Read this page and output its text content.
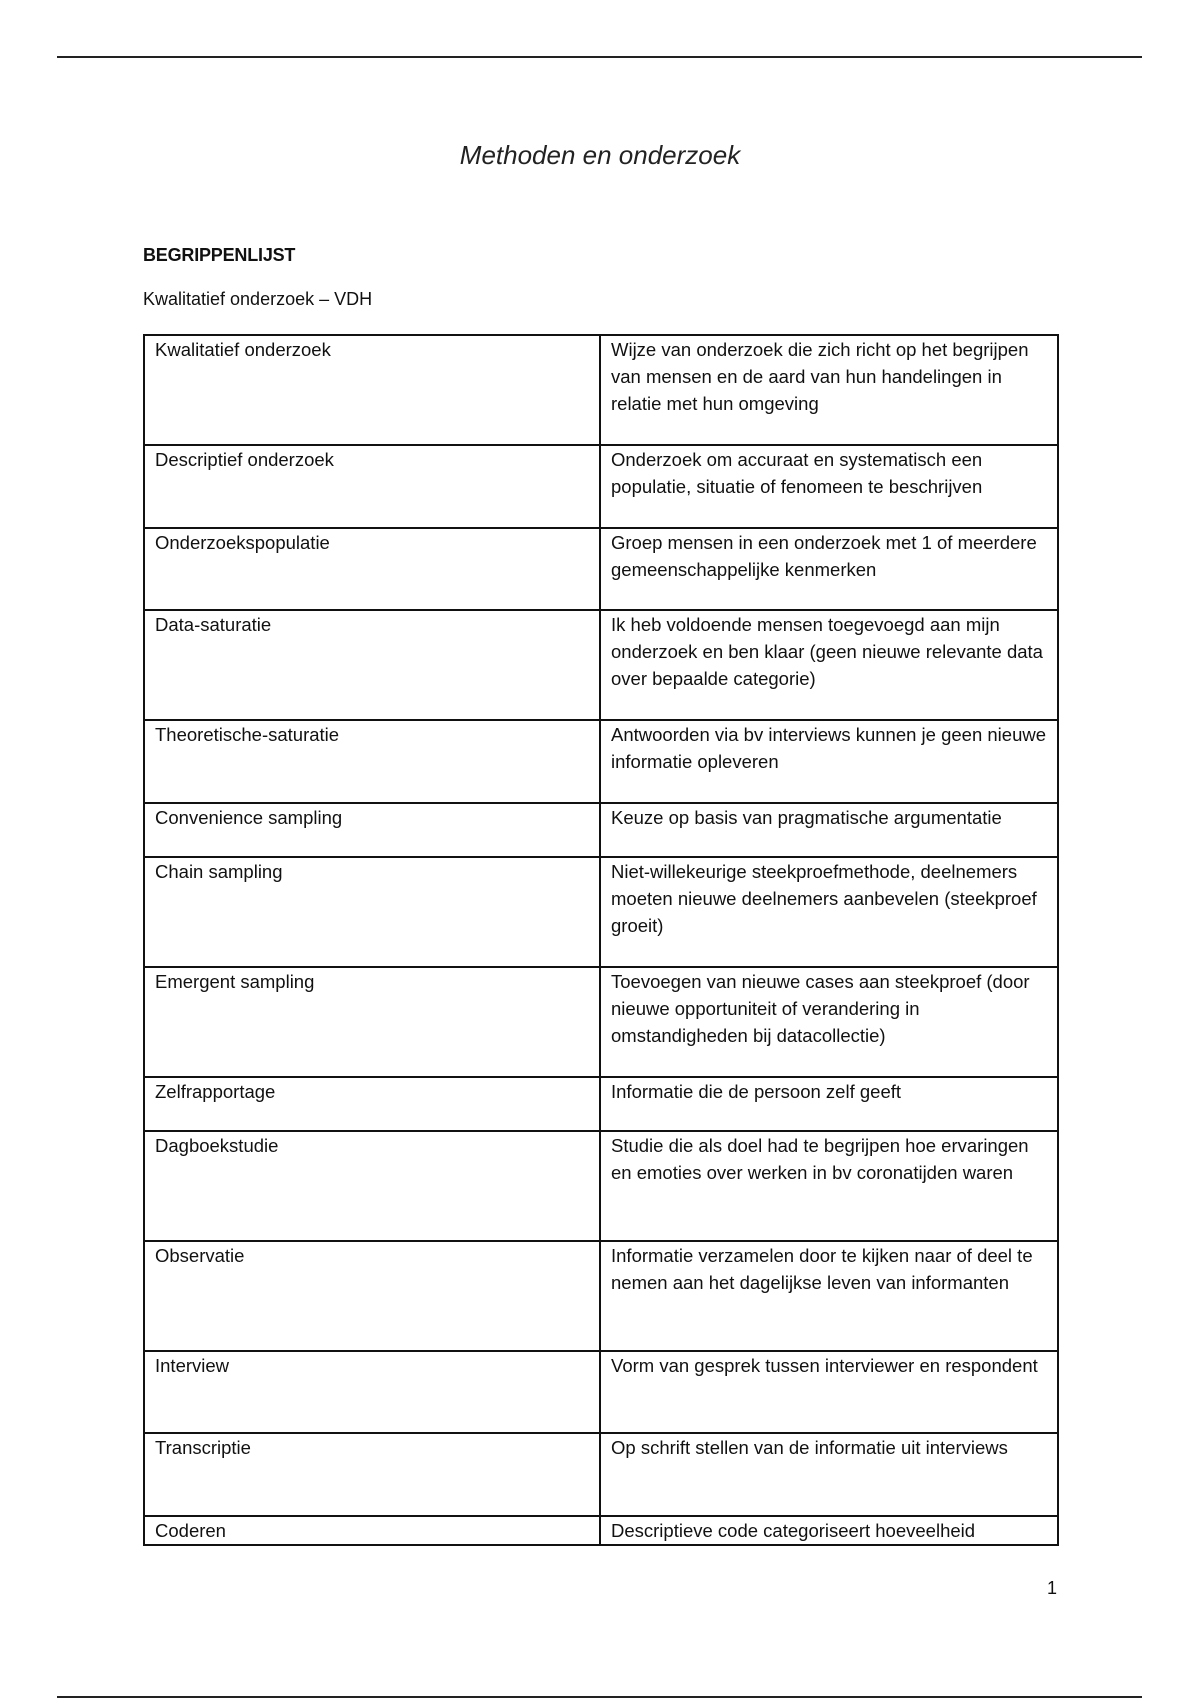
Methoden en onderzoek
BEGRIPPENLIJST
Kwalitatief onderzoek – VDH
Kwalitatief onderzoek	Wijze van onderzoek die zich richt op het begrijpen van mensen en de aard van hun handelingen in relatie met hun omgeving
Descriptief onderzoek	Onderzoek om accuraat en systematisch een populatie, situatie of fenomeen te beschrijven
Onderzoekspopulatie	Groep mensen in een onderzoek met 1 of meerdere gemeenschappelijke kenmerken
Data-saturatie	Ik heb voldoende mensen toegevoegd aan mijn onderzoek en ben klaar (geen nieuwe relevante data over bepaalde categorie)
Theoretische-saturatie	Antwoorden via bv interviews kunnen je geen nieuwe informatie opleveren
Convenience sampling	Keuze op basis van pragmatische argumentatie
Chain sampling	Niet-willekeurige steekproefmethode, deelnemers moeten nieuwe deelnemers aanbevelen (steekproef groeit)
Emergent sampling	Toevoegen van nieuwe cases aan steekproef (door nieuwe opportuniteit of verandering in omstandigheden bij datacollectie)
Zelfrapportage	Informatie die de persoon zelf geeft
Dagboekstudie	Studie die als doel had te begrijpen hoe ervaringen en emoties over werken in bv coronatijden waren
Observatie	Informatie verzamelen door te kijken naar of deel te nemen aan het dagelijkse leven van informanten
Interview	Vorm van gesprek tussen interviewer en respondent
Transcriptie	Op schrift stellen van de informatie uit interviews
Coderen	Descriptieve code categoriseert hoeveelheid
1
